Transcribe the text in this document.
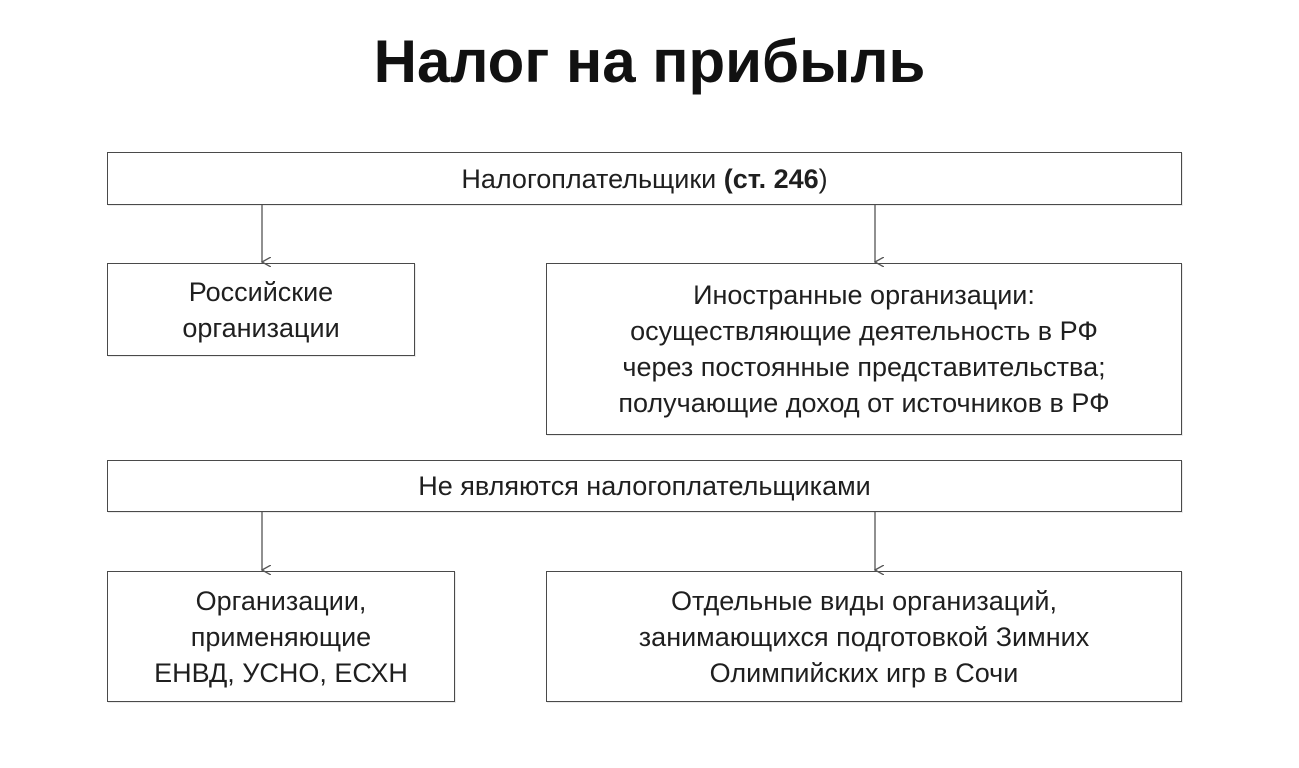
Налог на прибыль
Налогоплательщики (ст. 246)
Российские
организации
Иностранные организации:
осуществляющие деятельность в РФ
через постоянные представительства;
получающие доход от источников в РФ
Не являются налогоплательщиками
Организации,
применяющие
ЕНВД, УСНО, ЕСХН
Отдельные виды организаций,
занимающихся подготовкой Зимних
Олимпийских игр в Сочи
